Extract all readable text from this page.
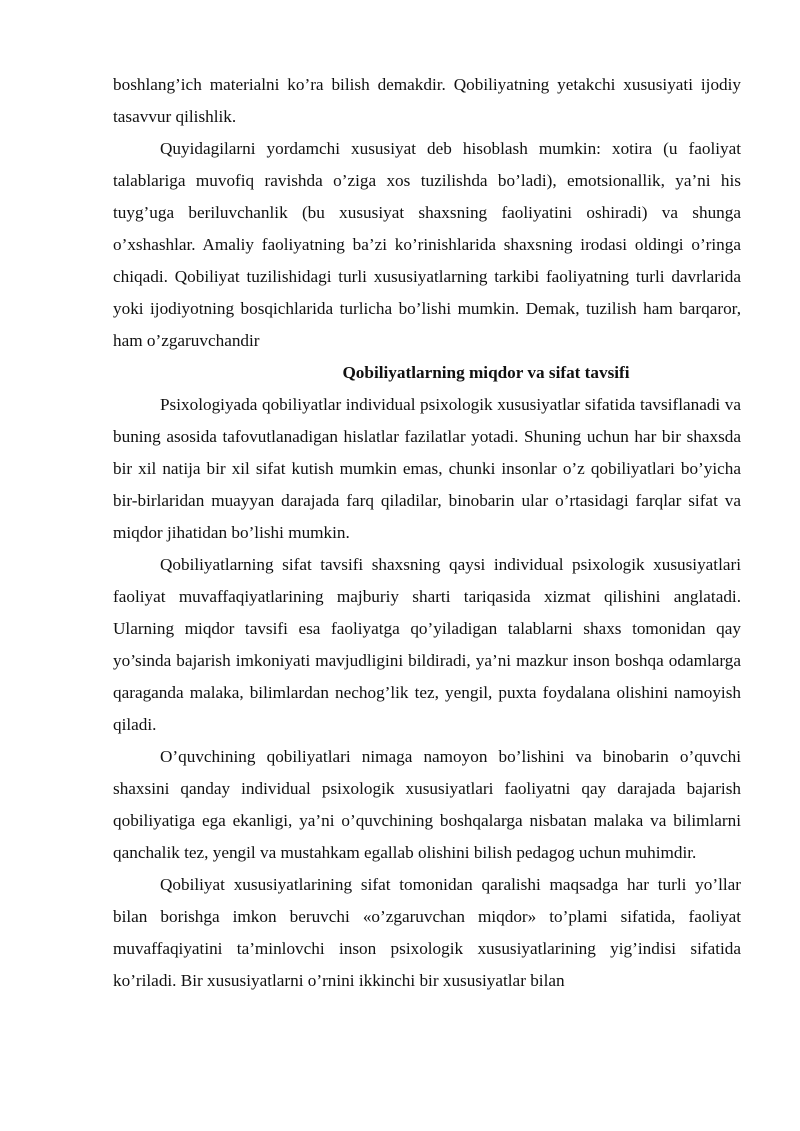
boshlang’ich materialni ko’ra bilish demakdir. Qobiliyatning yetakchi xususiyati ijodiy tasavvur qilishlik.

Quyidagilarni yordamchi xususiyat deb hisoblash mumkin: xotira (u faoliyat talablariga muvofiq ravishda o’ziga xos tuzilishda bo’ladi), emotsionallik, ya’ni his tuyg’uga beriluvchanlik (bu xususiyat shaxsning faoliyatini oshiradi) va shunga o’xshashlar. Amaliy faoliyatning ba’zi ko’rinishlarida shaxsning irodasi oldingi o’ringa chiqadi. Qobiliyat tuzilishidagi turli xususiyatlarning tarkibi faoliyatning turli davrlarida yoki ijodiyotning bosqichlarida turlicha bo’lishi mumkin. Demak, tuzilish ham barqaror, ham o’zgaruvchandir

Qobiliyatlarning miqdor va sifat tavsifi

Psixologiyada qobiliyatlar individual psixologik xususiyatlar sifatida tavsiflanadi va buning asosida tafovutlanadigan hislatlar fazilatlar yotadi. Shuning uchun har bir shaxsda bir xil natija bir xil sifat kutish mumkin emas, chunki insonlar o’z qobiliyatlari bo’yicha bir-birlaridan muayyan darajada farq qiladilar, binobarin ular o’rtasidagi farqlar sifat va miqdor jihatidan bo’lishi mumkin.

Qobiliyatlarning sifat tavsifi shaxsning qaysi individual psixologik xususiyatlari faoliyat muvaffaqiyatlarining majburiy sharti tariqasida xizmat qilishini anglatadi. Ularning miqdor tavsifi esa faoliyatga qo’yiladigan talablarni shaxs tomonidan qay yo’sinda bajarish imkoniyati mavjudligini bildiradi, ya’ni mazkur inson boshqa odamlarga qaraganda malaka, bilimlardan nechog’lik tez, yengil, puxta foydalana olishini namoyish qiladi.

O’quvchining qobiliyatlari nimaga namoyon bo’lishini va binobarin o’quvchi shaxsini qanday individual psixologik xususiyatlari faoliyatni qay darajada bajarish qobiliyatiga ega ekanligi, ya’ni o’quvchining boshqalarga nisbatan malaka va bilimlarni qanchalik tez, yengil va mustahkam egallab olishini bilish pedagog uchun muhimdir.

Qobiliyat xususiyatlarining sifat tomonidan qaralishi maqsadga har turli yo’llar bilan borishga imkon beruvchi «o’zgaruvchan miqdor» to’plami sifatida, faoliyat muvaffaqiyatini ta’minlovchi inson psixologik xususiyatlarining yig’indisi sifatida ko’riladi. Bir xususiyatlarni o’rnini ikkinchi bir xususiyatlar bilan
